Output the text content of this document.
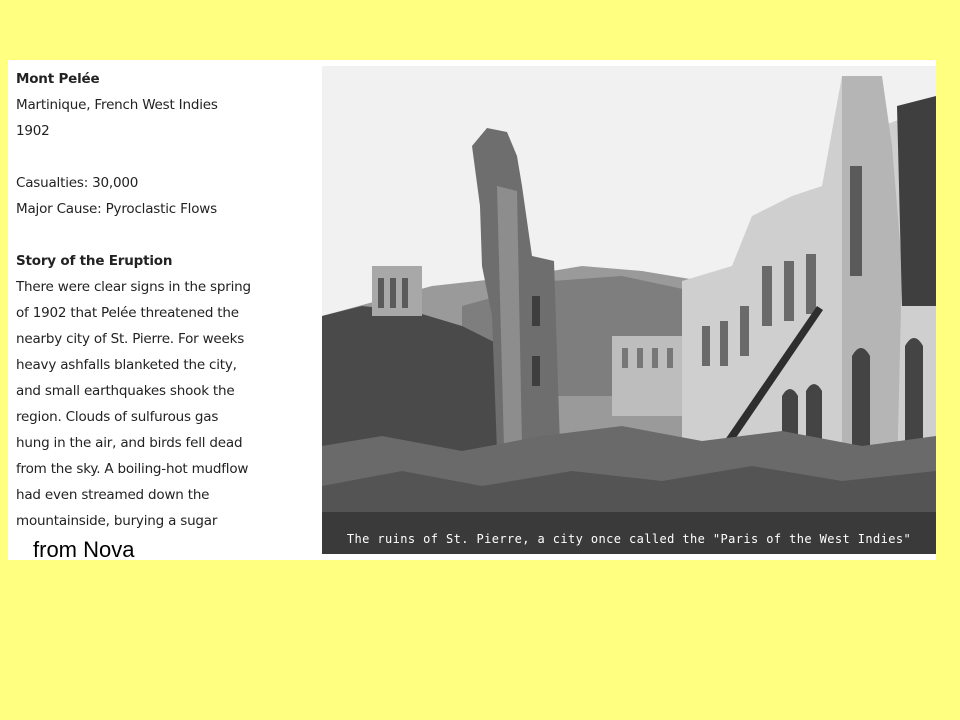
Mont Pelée
Martinique, French West Indies
1902
Casualties: 30,000
Major Cause: Pyroclastic Flows
Story of the Eruption
There were clear signs in the spring
of 1902 that Pelée threatened the
nearby city of St. Pierre. For weeks
heavy ashfalls blanketed the city,
and small earthquakes shook the
region. Clouds of sulfurous gas
hung in the air, and birds fell dead
from the sky. A boiling-hot mudflow
had even streamed down the
mountainside, burying a sugar
The ruins of St. Pierre, a city once called the "Paris of the West Indies"
from Nova
